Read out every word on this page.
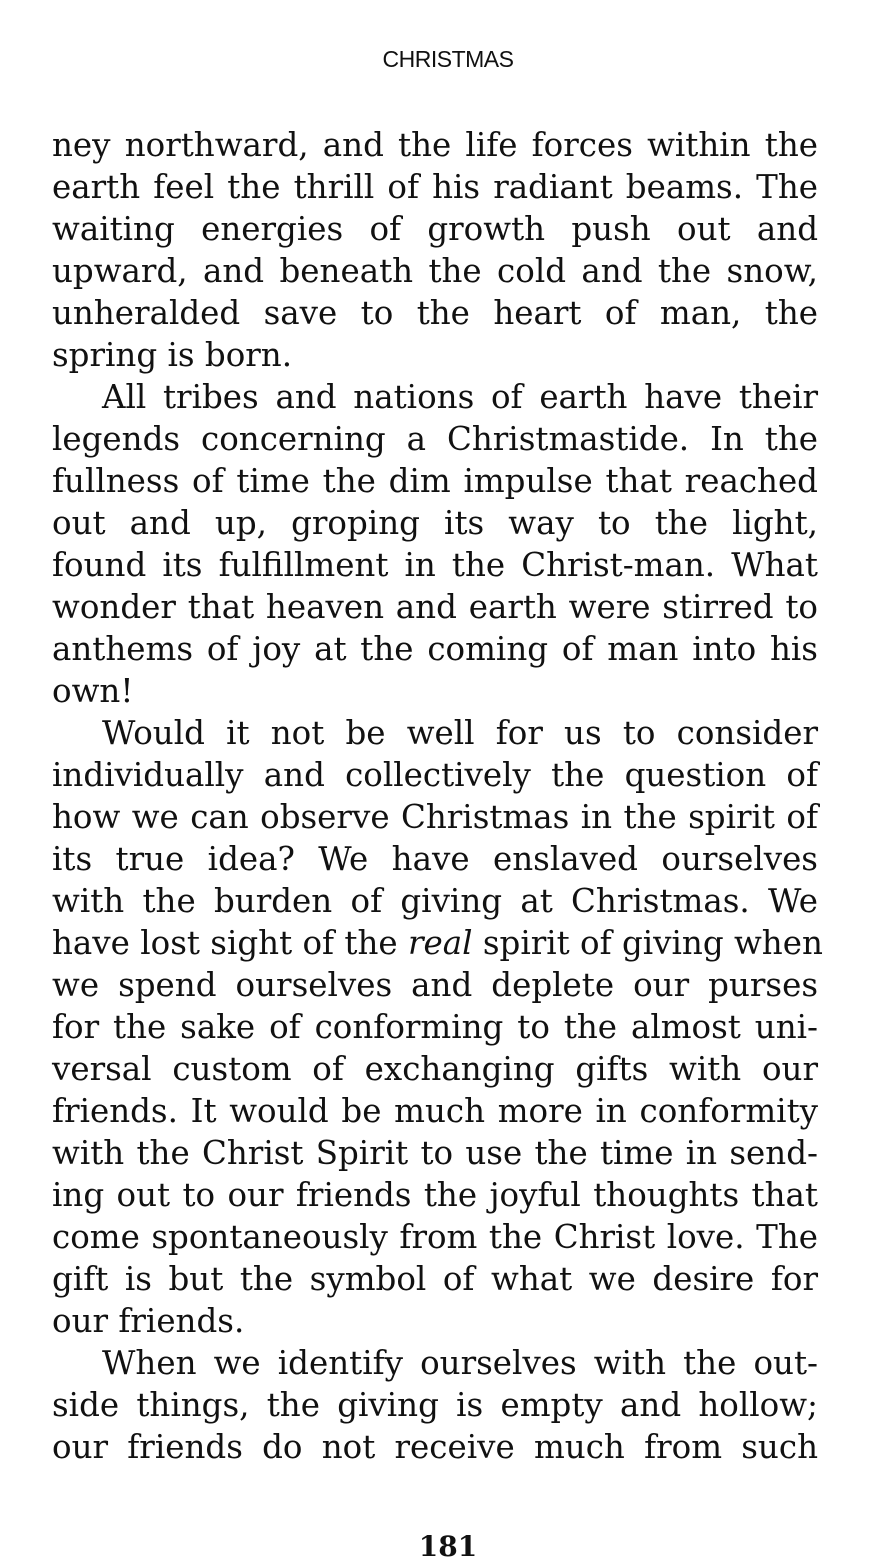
CHRISTMAS
ney northward, and the life forces within the
earth feel the thrill of his radiant beams. The
waiting energies of growth push out and
upward, and beneath the cold and the snow,
unheralded save to the heart of man, the
spring is born.
All tribes and nations of earth have their
legends concerning a Christmastide. In the
fullness of time the dim impulse that reached
out and up, groping its way to the light,
found its fulfillment in the Christ-man. What
wonder that heaven and earth were stirred to
anthems of joy at the coming of man into his
own!
Would it not be well for us to consider
individually and collectively the question of
how we can observe Christmas in the spirit of
its true idea? We have enslaved ourselves
with the burden of giving at Christmas. We
have lost sight of the real spirit of giving when
we spend ourselves and deplete our purses
for the sake of conforming to the almost uni-
versal custom of exchanging gifts with our
friends. It would be much more in conformity
with the Christ Spirit to use the time in send-
ing out to our friends the joyful thoughts that
come spontaneously from the Christ love. The
gift is but the symbol of what we desire for
our friends.
When we identify ourselves with the out-
side things, the giving is empty and hollow;
our friends do not receive much from such
181
